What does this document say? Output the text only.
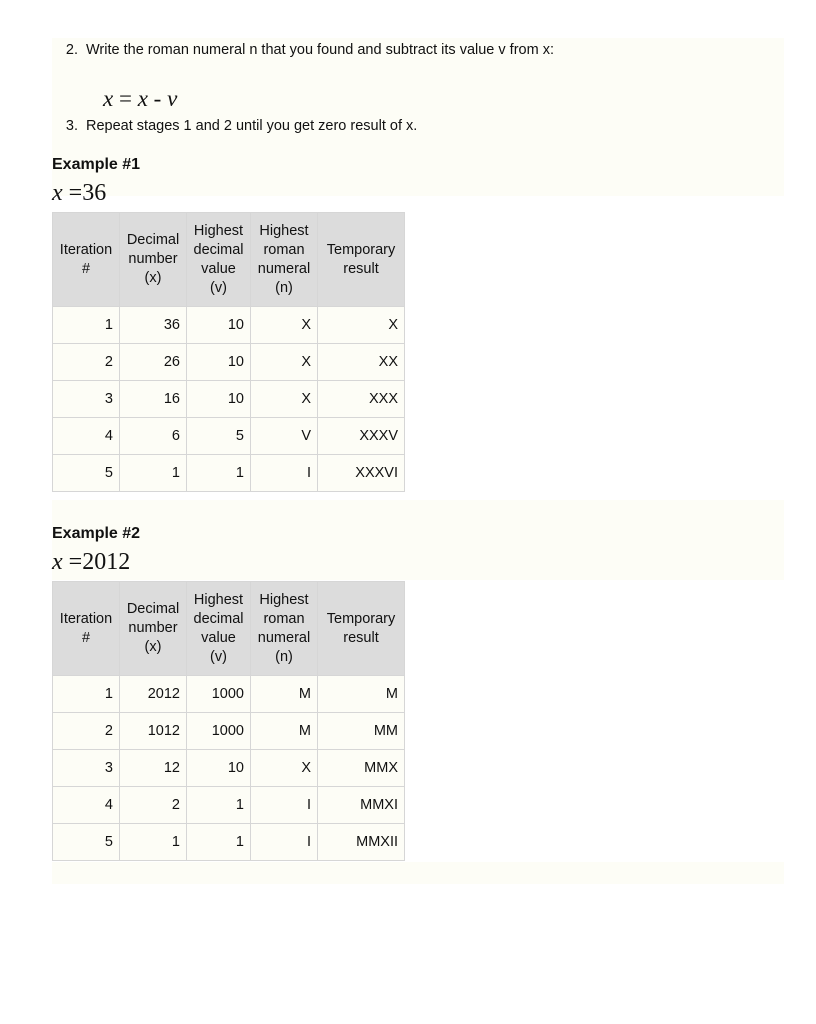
2. Write the roman numeral n that you found and subtract its value v from x:
x = x - v
3. Repeat stages 1 and 2 until you get zero result of x.
Example #1
x =36
Iteration #	Decimal number (x)	Highest decimal value (v)	Highest roman numeral (n)	Temporary result
1	36	10	X	X
2	26	10	X	XX
3	16	10	X	XXX
4	6	5	V	XXXV
5	1	1	I	XXXVI
Example #2
x =2012
Iteration #	Decimal number (x)	Highest decimal value (v)	Highest roman numeral (n)	Temporary result
1	2012	1000	M	M
2	1012	1000	M	MM
3	12	10	X	MMX
4	2	1	I	MMXI
5	1	1	I	MMXII
